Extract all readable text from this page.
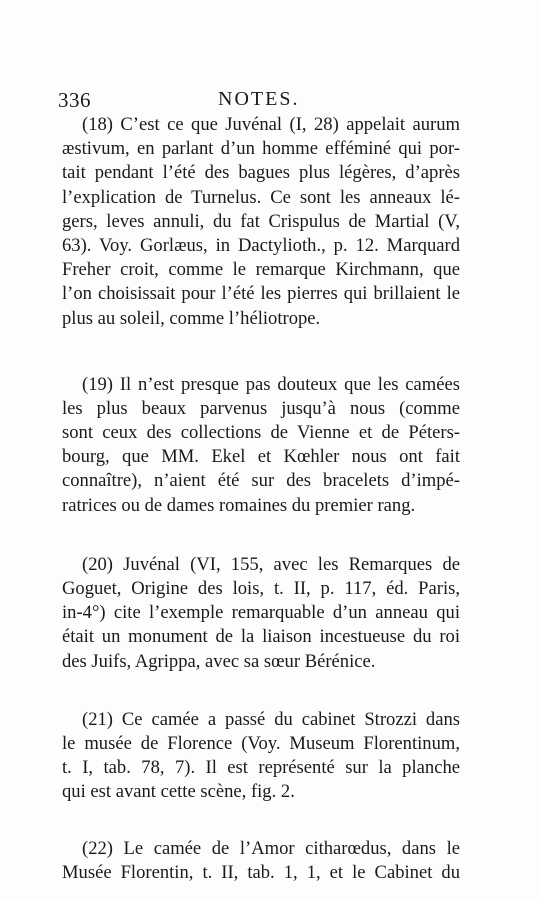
336	NOTES.
(18) C’est ce que Juvénal (I, 28) appelait aurum
æstivum, en parlant d’un homme efféminé qui por-
tait pendant l’été des bagues plus légères, d’après
l’explication de Turnelus. Ce sont les anneaux lé-
gers, leves annuli, du fat Crispulus de Martial (V,
63). Voy. Gorlæus, in Dactylioth., p. 12. Marquard
Freher croit, comme le remarque Kirchmann, que
l’on choisissait pour l’été les pierres qui brillaient le
plus au soleil, comme l’héliotrope.
(19) Il n’est presque pas douteux que les camées
les plus beaux parvenus jusqu’à nous (comme
sont ceux des collections de Vienne et de Péters-
bourg, que MM. Ekel et Kœhler nous ont fait
connaître), n’aient été sur des bracelets d’impé-
ratrices ou de dames romaines du premier rang.
(20) Juvénal (VI, 155, avec les Remarques de
Goguet, Origine des lois, t. II, p. 117, éd. Paris,
in-4°) cite l’exemple remarquable d’un anneau qui
était un monument de la liaison incestueuse du roi
des Juifs, Agrippa, avec sa sœur Bérénice.
(21) Ce camée a passé du cabinet Strozzi dans
le musée de Florence (Voy. Museum Florentinum,
t. I, tab. 78, 7). Il est représenté sur la planche
qui est avant cette scène, fig. 2.
(22) Le camée de l’Amor citharœdus, dans le
Musée Florentin, t. II, tab. 1, 1, et le Cabinet du
